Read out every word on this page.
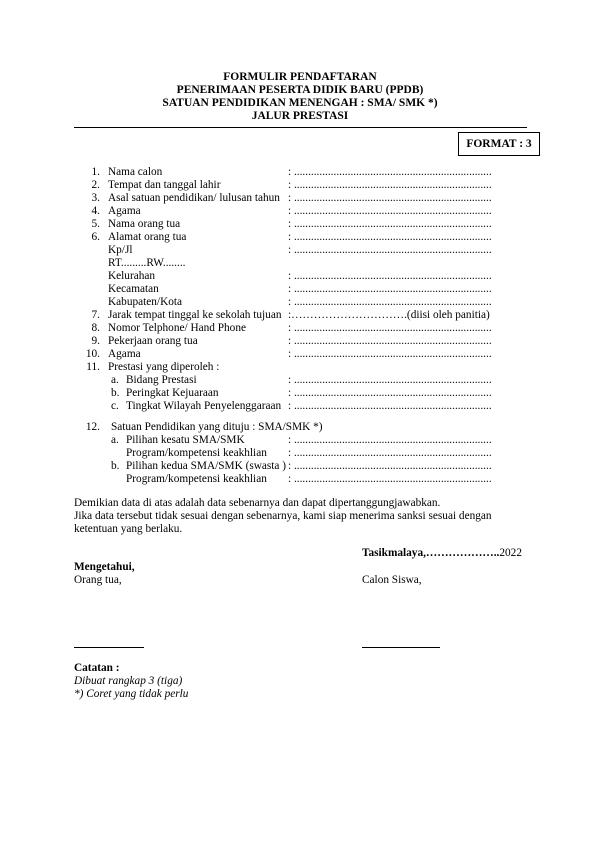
FORMULIR PENDAFTARAN
PENERIMAAN PESERTA DIDIK BARU (PPDB)
SATUAN PENDIDIKAN MENENGAH : SMA/ SMK *)
JALUR PRESTASI
FORMAT : 3
1. Nama calon	: ......................................................................
2. Tempat dan tanggal lahir	: ......................................................................
3. Asal satuan pendidikan/ lulusan tahun : ......................................................................
4. Agama	: ......................................................................
5. Nama orang tua	: ......................................................................
6. Alamat orang tua	: ......................................................................
Kp/Jl	: ......................................................................
RT.........RW........
Kelurahan	: ......................................................................
Kecamatan	: ......................................................................
Kabupaten/Kota	: ......................................................................
7. Jarak tempat tinggal ke sekolah tujuan :………………………….(diisi oleh panitia)
8. Nomor Telphone/ Hand Phone	: ......................................................................
9. Pekerjaan orang tua	: ......................................................................
10. Agama	: ......................................................................
11. Prestasi yang diperoleh :
a. Bidang Prestasi	: ......................................................................
b. Peringkat Kejuaraan	: ......................................................................
c. Tingkat Wilayah Penyelenggaraan : ......................................................................
12. Satuan Pendidikan yang dituju : SMA/SMK *)
a. Pilihan kesatu SMA/SMK	: ......................................................................
Program/kompetensi keakhlian : ......................................................................
b. Pilihan kedua SMA/SMK (swasta ) : ......................................................................
Program/kompetensi keakhlian : ......................................................................
Demikian data di atas adalah data sebenarnya dan dapat dipertanggungjawabkan.
Jika data tersebut tidak sesuai dengan sebenarnya, kami siap menerima sanksi sesuai dengan
ketentuan yang berlaku.
Tasikmalaya,………………..2022
Mengetahui,
Orang tua,	Calon Siswa,
Catatan :
Dibuat rangkap 3 (tiga)
*) Coret yang tidak perlu
